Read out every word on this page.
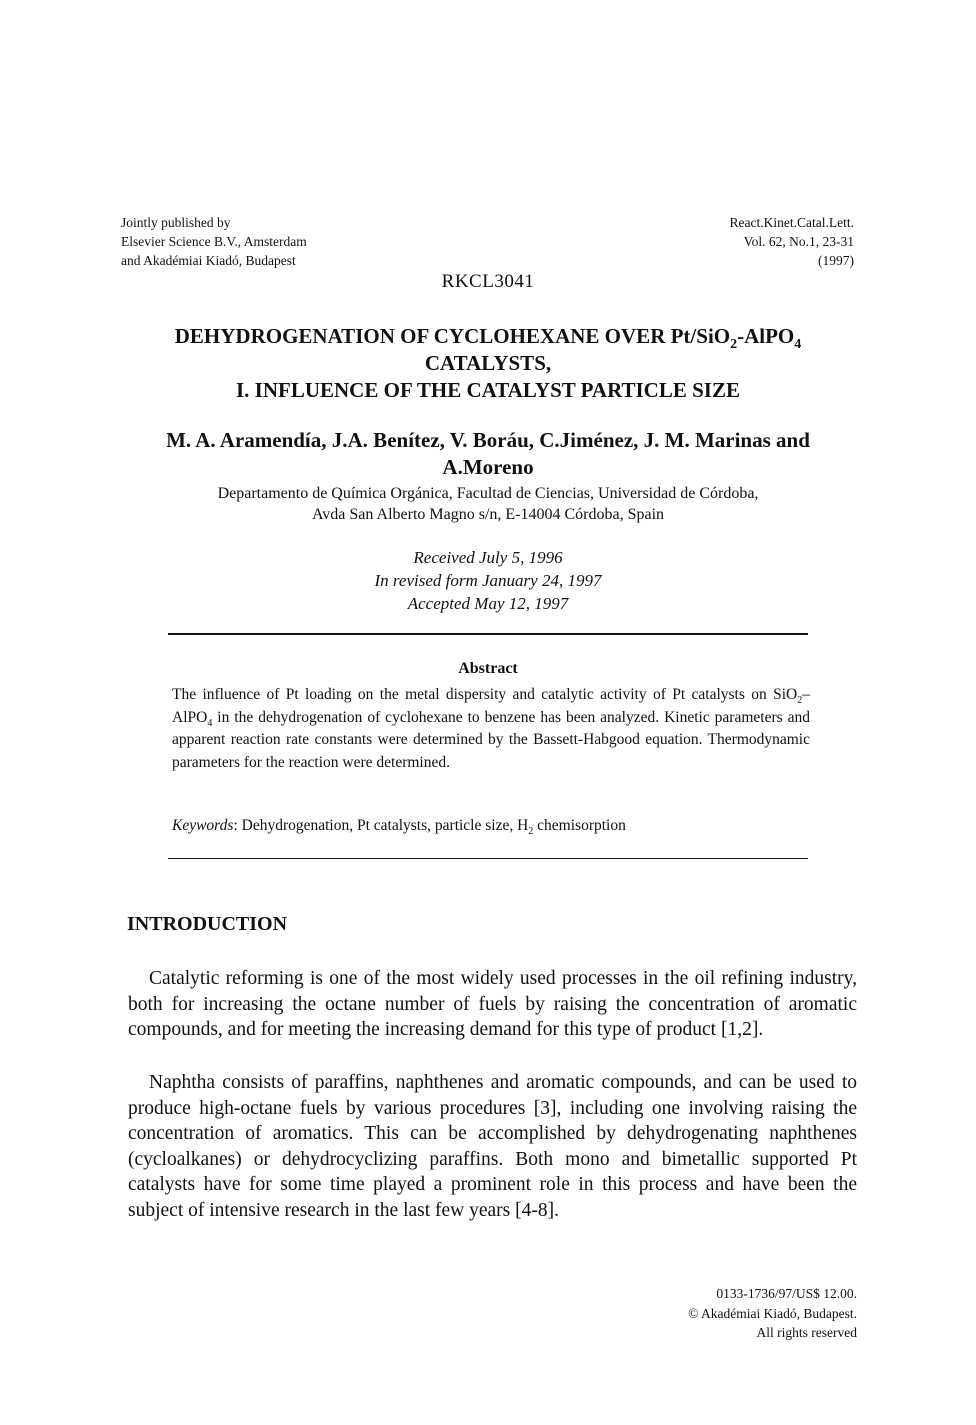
Jointly published by
Elsevier Science B.V., Amsterdam
and Akadémiai Kiadó, Budapest
React.Kinet.Catal.Lett.
Vol. 62, No.1, 23-31
(1997)
RKCL3041
DEHYDROGENATION OF CYCLOHEXANE OVER Pt/SiO$_2$-AlPO$_4$
CATALYSTS,
I. INFLUENCE OF THE CATALYST PARTICLE SIZE
M. A. Aramendía, J.A. Benítez, V. Boráu, C.Jiménez, J. M. Marinas and
A.Moreno
Departamento de Química Orgánica, Facultad de Ciencias, Universidad de Córdoba,
Avda San Alberto Magno s/n, E-14004 Córdoba, Spain
Received July 5, 1996
In revised form January 24, 1997
Accepted May 12, 1997
Abstract
The influence of Pt loading on the metal dispersity and catalytic activity of Pt catalysts on SiO$_2$–AlPO$_4$ in the dehydrogenation of cyclohexane to benzene has been analyzed. Kinetic parameters and apparent reaction rate constants were determined by the Bassett-Habgood equation. Thermodynamic parameters for the reaction were determined.
Keywords: Dehydrogenation, Pt catalysts, particle size, $H_2$ chemisorption
INTRODUCTION

Catalytic reforming is one of the most widely used processes in the oil refining industry, both for increasing the octane number of fuels by raising the concentration of aromatic compounds, and for meeting the increasing demand for this type of product [1,2].

Naphtha consists of paraffins, naphthenes and aromatic compounds, and can be used to produce high-octane fuels by various procedures [3], including one involving raising the concentration of aromatics. This can be accomplished by dehydrogenating naphthenes (cycloalkanes) or dehydrocyclizing paraffins. Both mono and bimetallic supported Pt catalysts have for some time played a prominent role in this process and have been the subject of intensive research in the last few years [4-8].

0133-1736/97/US$ 12.00.
© Akadémiai Kiadó, Budapest.
All rights reserved
